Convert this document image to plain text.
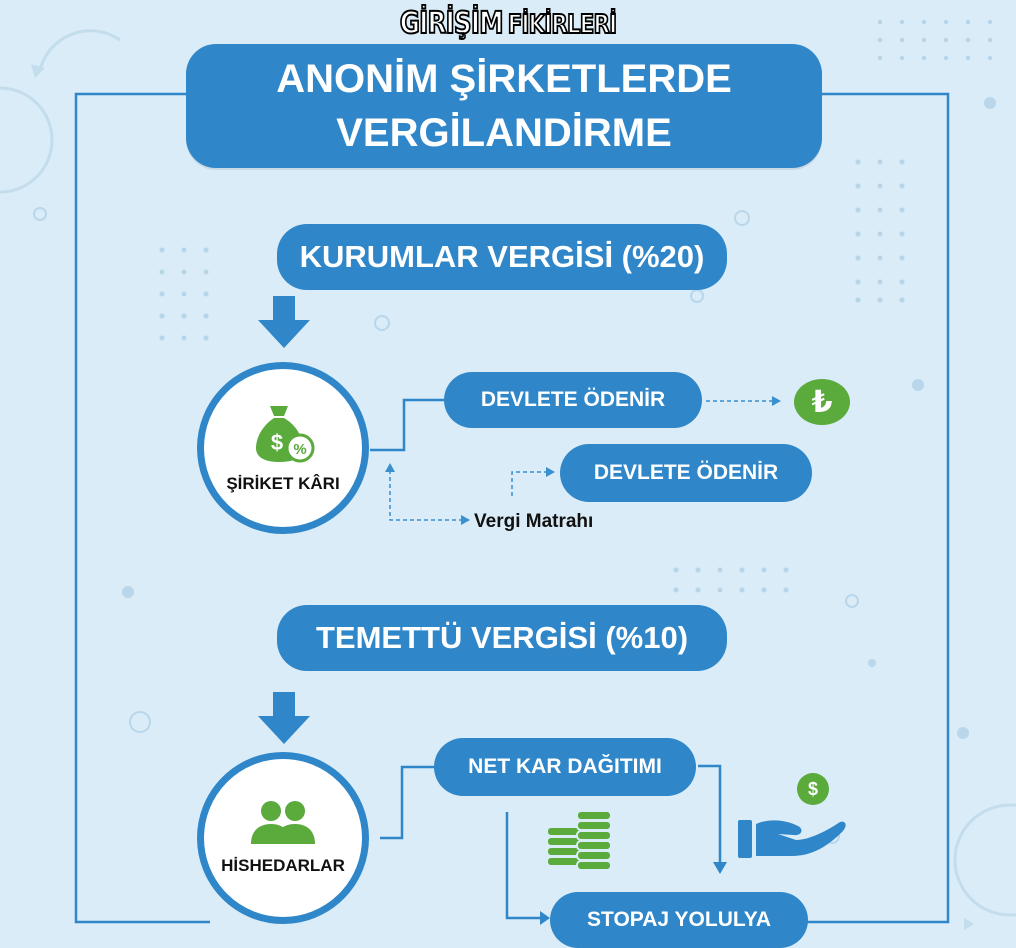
GİRİŞİM FİKİRLERİ
ANONİM ŞİRKETLERDE
VERGİLANDİRME
KURUMLAR VERGİSİ (%20)
$ %
ŞİRİKET KÂRI
DEVLETE ÖDENİR	₺
DEVLETE ÖDENİR
Vergi Matrahı
TEMETTÜ VERGİSİ (%10)
HİSHEDARLAR
NET KAR DAĞITIMI
$
STOPAJ YOLULYA
